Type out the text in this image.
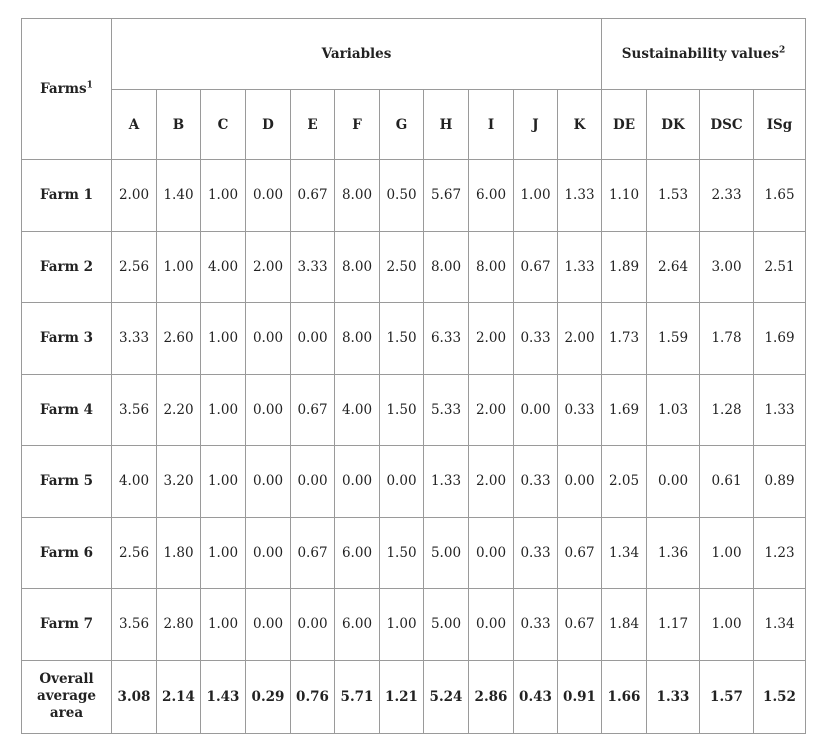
Farms$^1$	Variables											Sustainability values$^2$
	A	B	C	D	E	F	G	H	I	J	K	DE	DK	DSC	ISg
Farm 1	2.00	1.40	1.00	0.00	0.67	8.00	0.50	5.67	6.00	1.00	1.33	1.10	1.53	2.33	1.65
Farm 2	2.56	1.00	4.00	2.00	3.33	8.00	2.50	8.00	8.00	0.67	1.33	1.89	2.64	3.00	2.51
Farm 3	3.33	2.60	1.00	0.00	0.00	8.00	1.50	6.33	2.00	0.33	2.00	1.73	1.59	1.78	1.69
Farm 4	3.56	2.20	1.00	0.00	0.67	4.00	1.50	5.33	2.00	0.00	0.33	1.69	1.03	1.28	1.33
Farm 5	4.00	3.20	1.00	0.00	0.00	0.00	0.00	1.33	2.00	0.33	0.00	2.05	0.00	0.61	0.89
Farm 6	2.56	1.80	1.00	0.00	0.67	6.00	1.50	5.00	0.00	0.33	0.67	1.34	1.36	1.00	1.23
Farm 7	3.56	2.80	1.00	0.00	0.00	6.00	1.00	5.00	0.00	0.33	0.67	1.84	1.17	1.00	1.34
Overall
average
area	3.08	2.14	1.43	0.29	0.76	5.71	1.21	5.24	2.86	0.43	0.91	1.66	1.33	1.57	1.52
